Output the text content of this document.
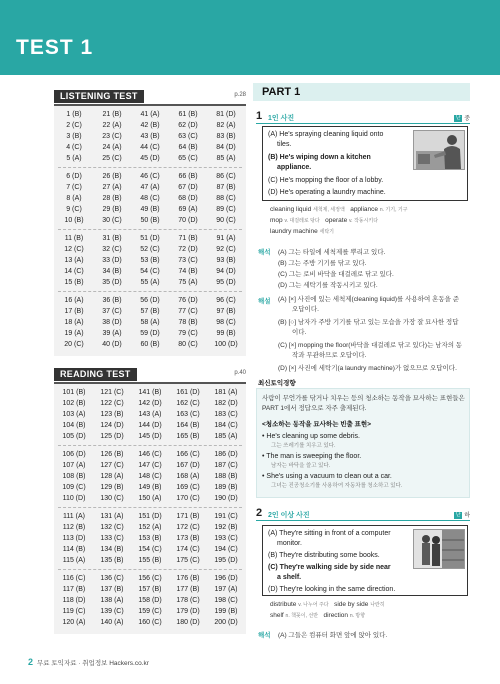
TEST 1
LISTENING TEST	p.28
1 (B)	21 (B)	41 (A)	61 (B)	81 (D)
2 (C)	22 (A)	42 (B)	62 (D)	82 (A)
3 (B)	23 (C)	43 (B)	63 (C)	83 (B)
4 (C)	24 (A)	44 (C)	64 (B)	84 (D)
5 (A)	25 (C)	45 (D)	65 (C)	85 (A)
6 (D)	26 (B)	46 (C)	66 (B)	86 (C)
7 (C)	27 (A)	47 (A)	67 (D)	87 (B)
8 (A)	28 (B)	48 (C)	68 (D)	88 (C)
9 (C)	29 (B)	49 (B)	69 (A)	89 (C)
10 (B)	30 (C)	50 (B)	70 (D)	90 (C)
11 (B)	31 (B)	51 (D)	71 (B)	91 (A)
12 (C)	32 (C)	52 (C)	72 (D)	92 (C)
13 (A)	33 (D)	53 (B)	73 (C)	93 (B)
14 (C)	34 (B)	54 (C)	74 (B)	94 (D)
15 (B)	35 (D)	55 (A)	75 (A)	95 (D)
16 (A)	36 (B)	56 (D)	76 (D)	96 (C)
17 (B)	37 (C)	57 (B)	77 (C)	97 (B)
18 (A)	38 (D)	58 (A)	78 (B)	98 (C)
19 (A)	39 (A)	59 (D)	79 (C)	99 (B)
20 (C)	40 (D)	60 (B)	80 (C)	100 (D)
READING TEST	p.40
101 (B)	121 (C)	141 (B)	161 (D)	181 (A)
102 (B)	122 (C)	142 (D)	162 (C)	182 (D)
103 (A)	123 (B)	143 (A)	163 (C)	183 (C)
104 (B)	124 (D)	144 (D)	164 (B)	184 (C)
105 (D)	125 (D)	145 (D)	165 (B)	185 (A)
106 (D)	126 (B)	146 (C)	166 (C)	186 (D)
107 (A)	127 (C)	147 (C)	167 (D)	187 (C)
108 (B)	128 (A)	148 (C)	168 (A)	188 (B)
109 (C)	129 (B)	149 (B)	169 (C)	189 (B)
110 (D)	130 (C)	150 (A)	170 (C)	190 (D)
111 (A)	131 (A)	151 (D)	171 (B)	191 (C)
112 (B)	132 (C)	152 (A)	172 (C)	192 (B)
113 (D)	133 (C)	153 (B)	173 (B)	193 (C)
114 (B)	134 (B)	154 (C)	174 (C)	194 (C)
115 (A)	135 (B)	155 (B)	175 (C)	195 (D)
116 (C)	136 (C)	156 (C)	176 (B)	196 (D)
117 (B)	137 (B)	157 (B)	177 (B)	197 (A)
118 (D)	138 (A)	158 (D)	178 (C)	198 (C)
119 (C)	139 (C)	159 (C)	179 (D)	199 (B)
120 (A)	140 (A)	160 (C)	180 (D)	200 (D)
PART 1
1 1인 사진	난 중
(A) He's spraying cleaning liquid onto
tiles.
(B) He's wiping down a kitchen
appliance.
(C) He's mopping the floor of a lobby.
(D) He's operating a laundry machine.
cleaning liquid 세척제, 세정액 appliance n. 기기, 기구
mop v. 대걸레로 닦다 operate v. 작동시키다
laundry machine 세탁기
해석 (A) 그는 타일에 세척제를 뿌리고 있다.
(B) 그는 주방 기기를 닦고 있다.
(C) 그는 로비 바닥을 대걸레로 닦고 있다.
(D) 그는 세탁기를 작동시키고 있다.
해설 (A) [×] 사진에 있는 세척제(cleaning liquid)를 사용하여 혼동을 준
오답이다.
(B) [○] 남자가 주방 기기를 닦고 있는 모습을 가장 잘 묘사한 정답
이다.
(C) [×] mopping the floor(바닥을 대걸레로 닦고 있다)는 남자의 동
작과 무관하므로 오답이다.
(D) [×] 사진에 세탁기(a laundry machine)가 없으므로 오답이다.
최신토익경향
사람이 무언가를 닦거나 치우는 등의 청소하는 동작을 묘사하는 표현들은
PART 1에서 정답으로 자주 출제된다.
<청소하는 동작을 묘사하는 빈출 표현>
• He's cleaning up some debris.
그는 쓰레기를 치우고 있다.
• The man is sweeping the floor.
남자는 바닥을 쓸고 있다.
• She's using a vacuum to clean out a car.
그녀는 진공청소기를 사용하여 자동차를 청소하고 있다.
2 2인 이상 사진	난 하
(A) They're sitting in front of a computer
monitor.
(B) They're distributing some books.
(C) They're walking side by side near
a shelf.
(D) They're looking in the same direction.
distribute v. 나누어 주다 side by side 나란히
shelf n. 책꽂이, 선반 direction n. 방향
해석 (A) 그들은 컴퓨터 화면 앞에 앉아 있다.
2 무료 토익자료 · 취업정보 Hackers.co.kr
